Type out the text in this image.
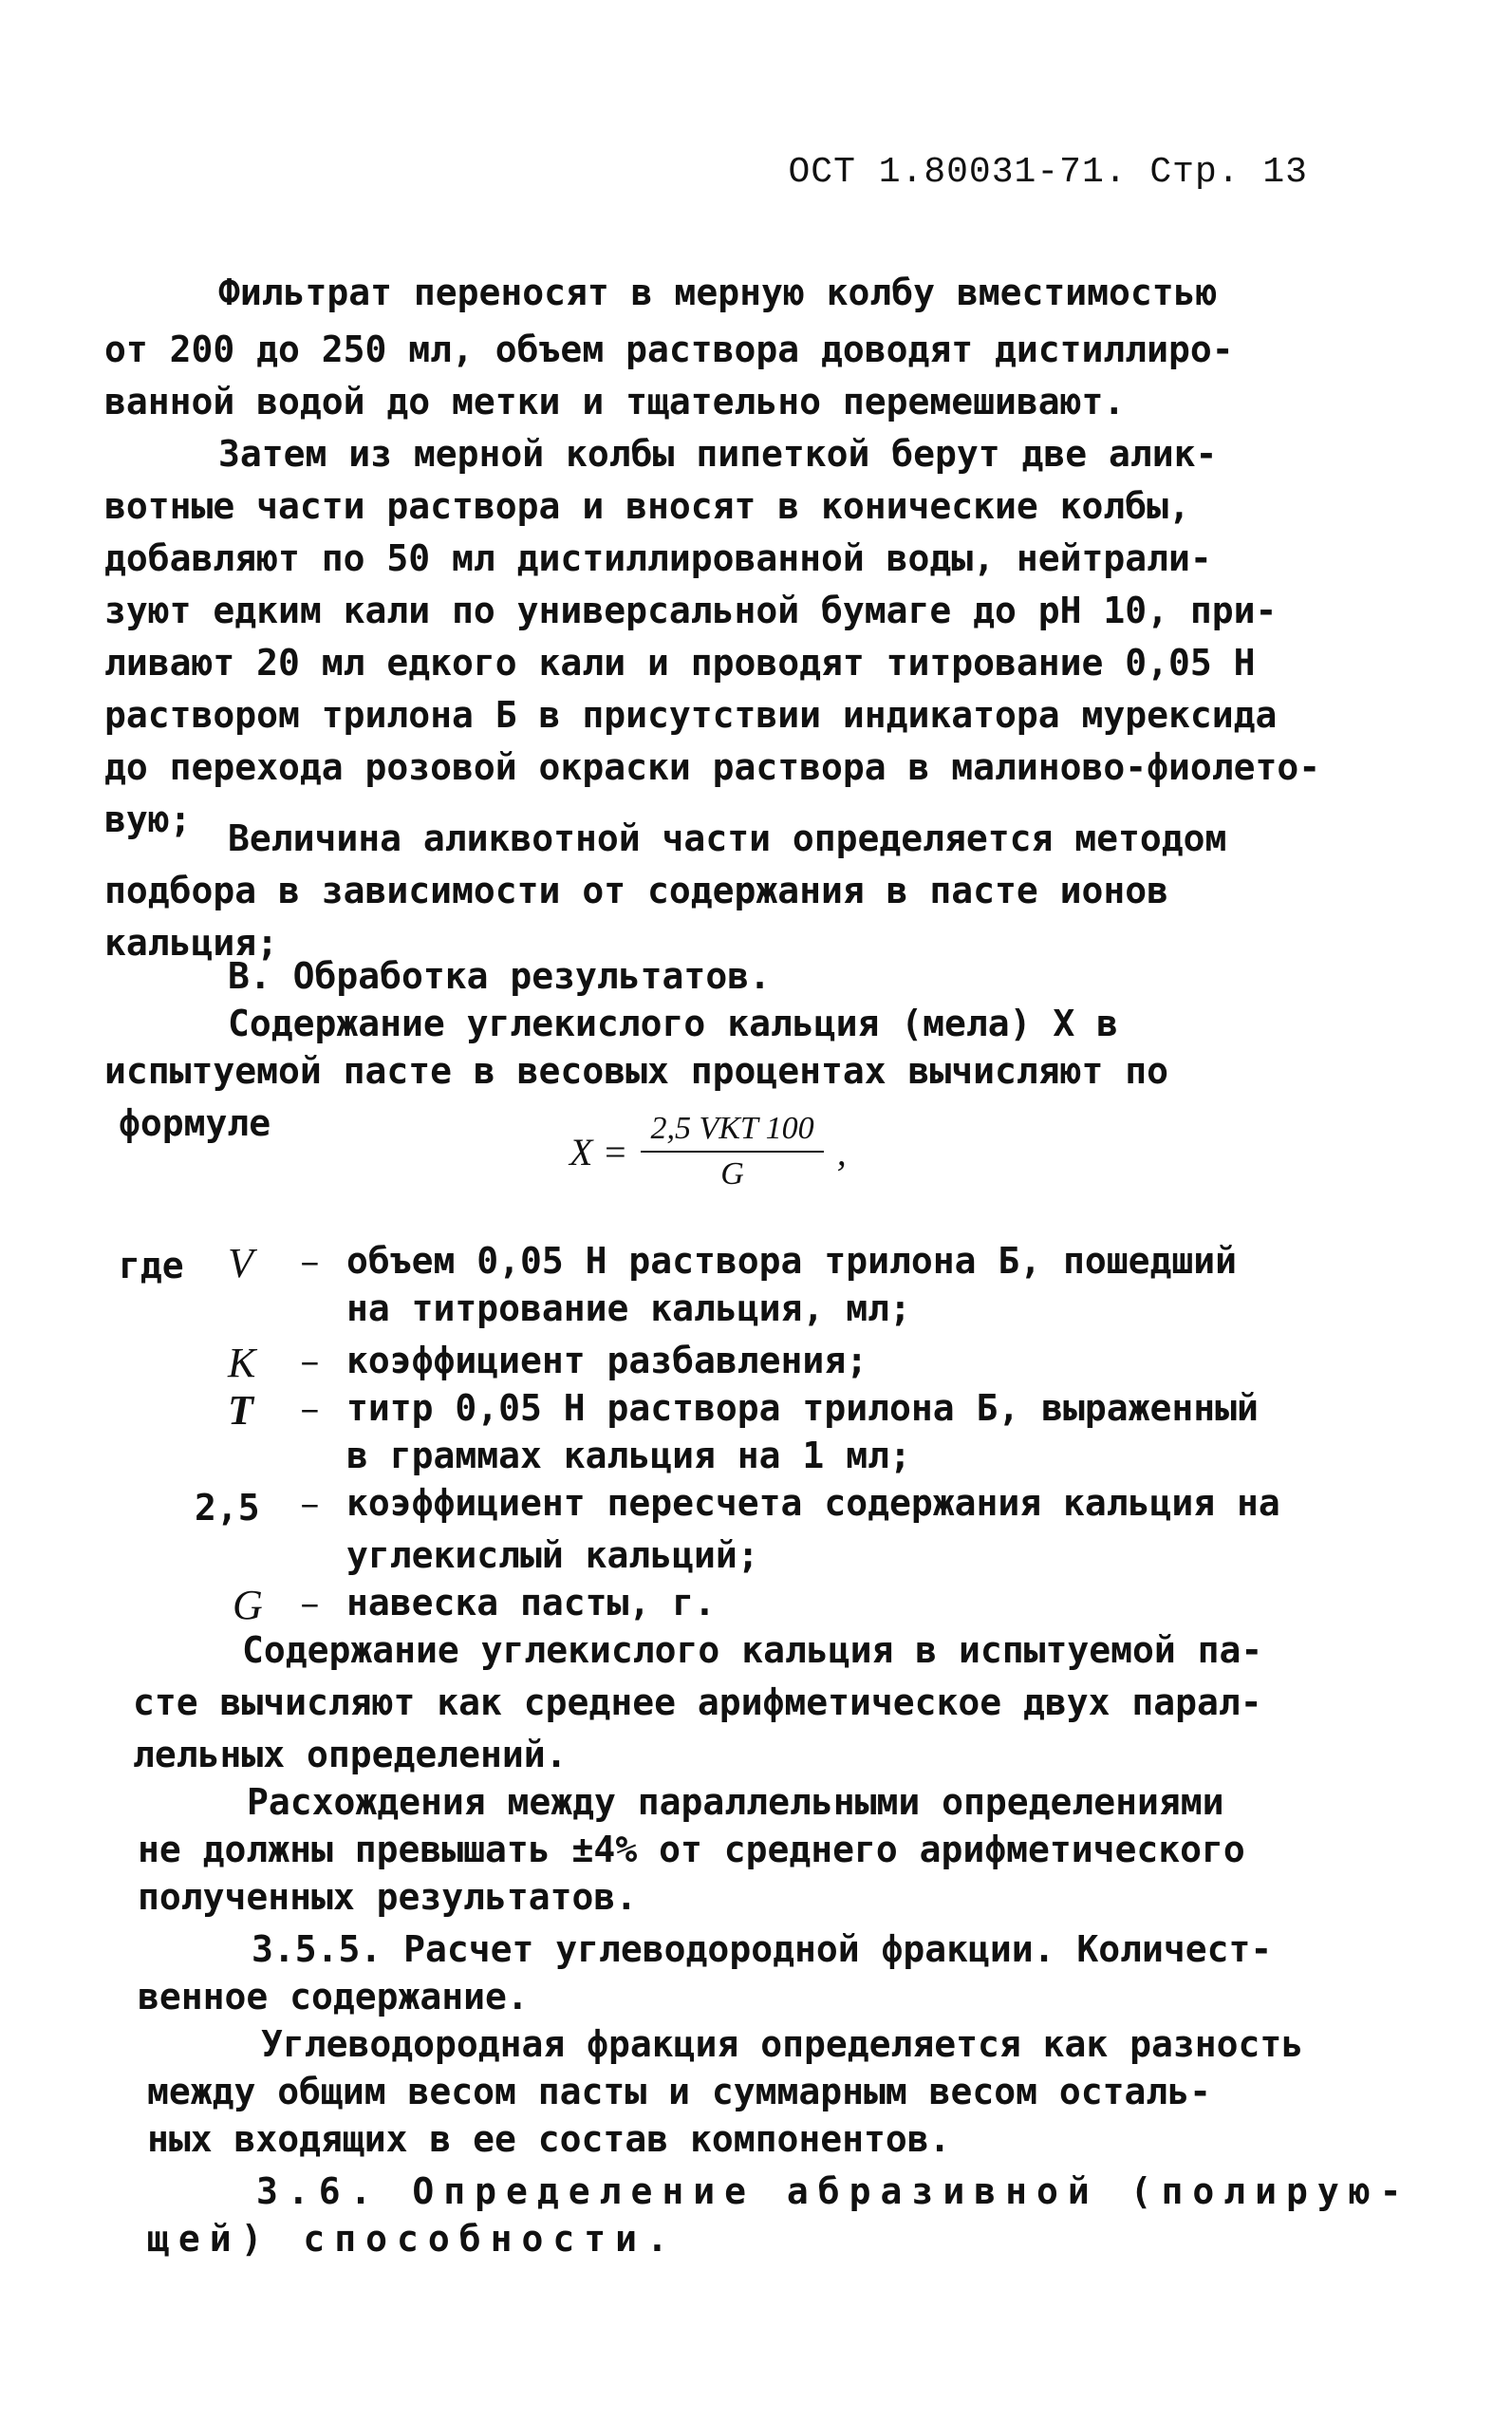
ОСТ 1.80031-71. Стр. 13
Фильтрат переносят в мерную колбу вместимостью
от 200 до 250 мл, объем раствора доводят дистиллиро-
ванной водой до метки и тщательно перемешивают.
Затем из мерной колбы пипеткой берут две алик-
вотные части раствора и вносят в конические колбы,
добавляют по 50 мл дистиллированной воды, нейтрали-
зуют едким кали по универсальной бумаге до рН 10, при-
ливают 20 мл едкого кали и проводят титрование 0,05 Н
раствором трилона Б в присутствии индикатора мурексида
до перехода розовой окраски раствора в малиново-фиолето-
вую;	Величина аликвотной части определяется методом
подбора в зависимости от содержания в пасте ионов
кальция;
В. Обработка результатов.
Содержание углекислого кальция (мела) X в
испытуемой пасте в весовых процентах вычисляют по
формуле
$X = \frac{\text{2,5 VKT 100}}{G}$ ,
где V – объем 0,05 Н раствора трилона Б, пошедший
на титрование кальция, мл;
K – коэффициент разбавления;
T – титр 0,05 Н раствора трилона Б, выраженный
в граммах кальция на 1 мл;
2,5 – коэффициент пересчета содержания кальция на
углекислый кальций;
G – навеска пасты, г.
Содержание углекислого кальция в испытуемой па-
сте вычисляют как среднее арифметическое двух парал-
лельных определений.
Расхождения между параллельными определениями
не должны превышать ±4% от среднего арифметического
полученных результатов.
3.5.5. Расчет углеводородной фракции. Количест-
венное содержание.
Углеводородная фракция определяется как разность
между общим весом пасты и суммарным весом осталь-
ных входящих в ее состав компонентов.
3.6. Определение абразивной (полирую-
щей) способности.
